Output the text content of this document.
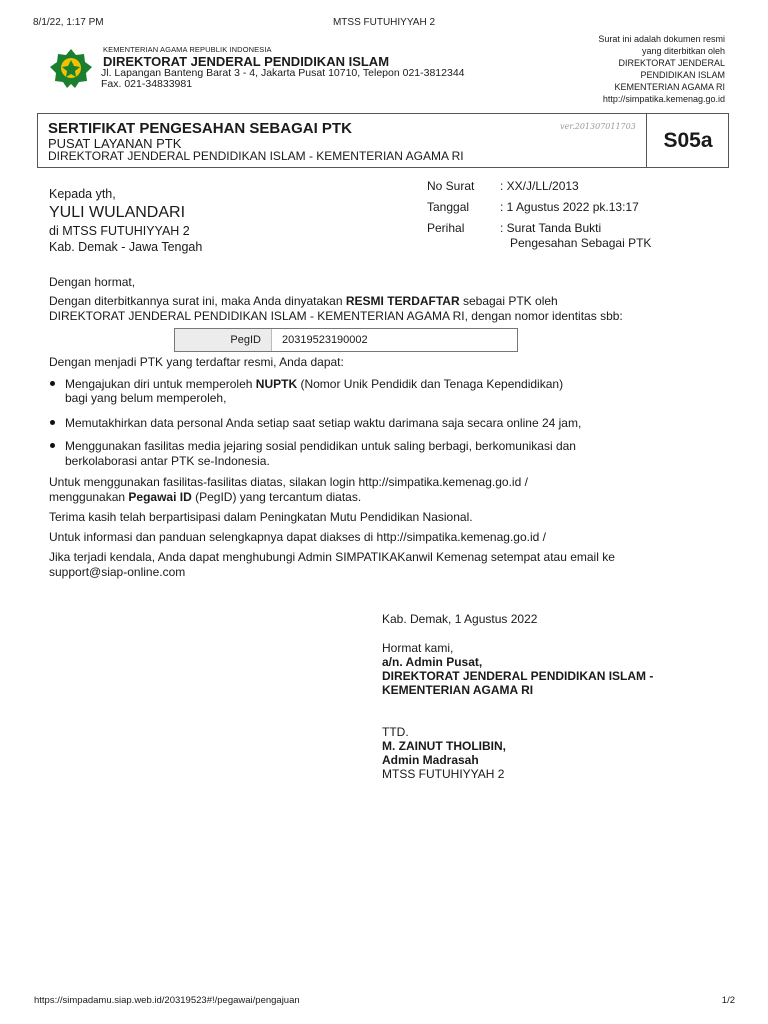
8/1/22, 1:17 PM	MTSS FUTUHIYYAH 2
KEMENTERIAN AGAMA REPUBLIK INDONESIA
DIREKTORAT JENDERAL PENDIDIKAN ISLAM
Jl. Lapangan Banteng Barat 3 - 4, Jakarta Pusat 10710, Telepon 021-3812344
Fax. 021-34833981
Surat ini adalah dokumen resmi
yang diterbitkan oleh
DIREKTORAT JENDERAL
PENDIDIKAN ISLAM
KEMENTERIAN AGAMA RI
http://simpatika.kemenag.go.id
SERTIFIKAT PENGESAHAN SEBAGAI PTK
PUSAT LAYANAN PTK
DIREKTORAT JENDERAL PENDIDIKAN ISLAM - KEMENTERIAN AGAMA RI
ver.201307011703
S05a
Kepada yth,
YULI WULANDARI
di MTSS FUTUHIYYAH 2
Kab. Demak - Jawa Tengah
No Surat : XX/J/LL/2013
Tanggal	: 1 Agustus 2022 pk.13:17
Perihal	: Surat Tanda Bukti
Pengesahan Sebagai PTK
Dengan hormat,
Dengan diterbitkannya surat ini, maka Anda dinyatakan RESMI TERDAFTAR sebagai PTK oleh
DIREKTORAT JENDERAL PENDIDIKAN ISLAM - KEMENTERIAN AGAMA RI, dengan nomor identitas sbb:
PegID	20319523190002
Dengan menjadi PTK yang terdaftar resmi, Anda dapat:
Mengajukan diri untuk memperoleh NUPTK (Nomor Unik Pendidik dan Tenaga Kependidikan)
bagi yang belum memperoleh,
Memutakhirkan data personal Anda setiap saat setiap waktu darimana saja secara online 24 jam,
Menggunakan fasilitas media jejaring sosial pendidikan untuk saling berbagi, berkomunikasi dan
berkolaborasi antar PTK se-Indonesia.
Untuk menggunakan fasilitas-fasilitas diatas, silakan login http://simpatika.kemenag.go.id /
menggunakan Pegawai ID (PegID) yang tercantum diatas.
Terima kasih telah berpartisipasi dalam Peningkatan Mutu Pendidikan Nasional.
Untuk informasi dan panduan selengkapnya dapat diakses di http://simpatika.kemenag.go.id /
Jika terjadi kendala, Anda dapat menghubungi Admin SIMPATIKAKanwil Kemenag setempat atau email ke
support@siap-online.com
Kab. Demak, 1 Agustus 2022
Hormat kami,
a/n. Admin Pusat,
DIREKTORAT JENDERAL PENDIDIKAN ISLAM -
KEMENTERIAN AGAMA RI
TTD.
M. ZAINUT THOLIBIN,
Admin Madrasah
MTSS FUTUHIYYAH 2
https://simpadamu.siap.web.id/20319523#!/pegawai/pengajuan	1/2
